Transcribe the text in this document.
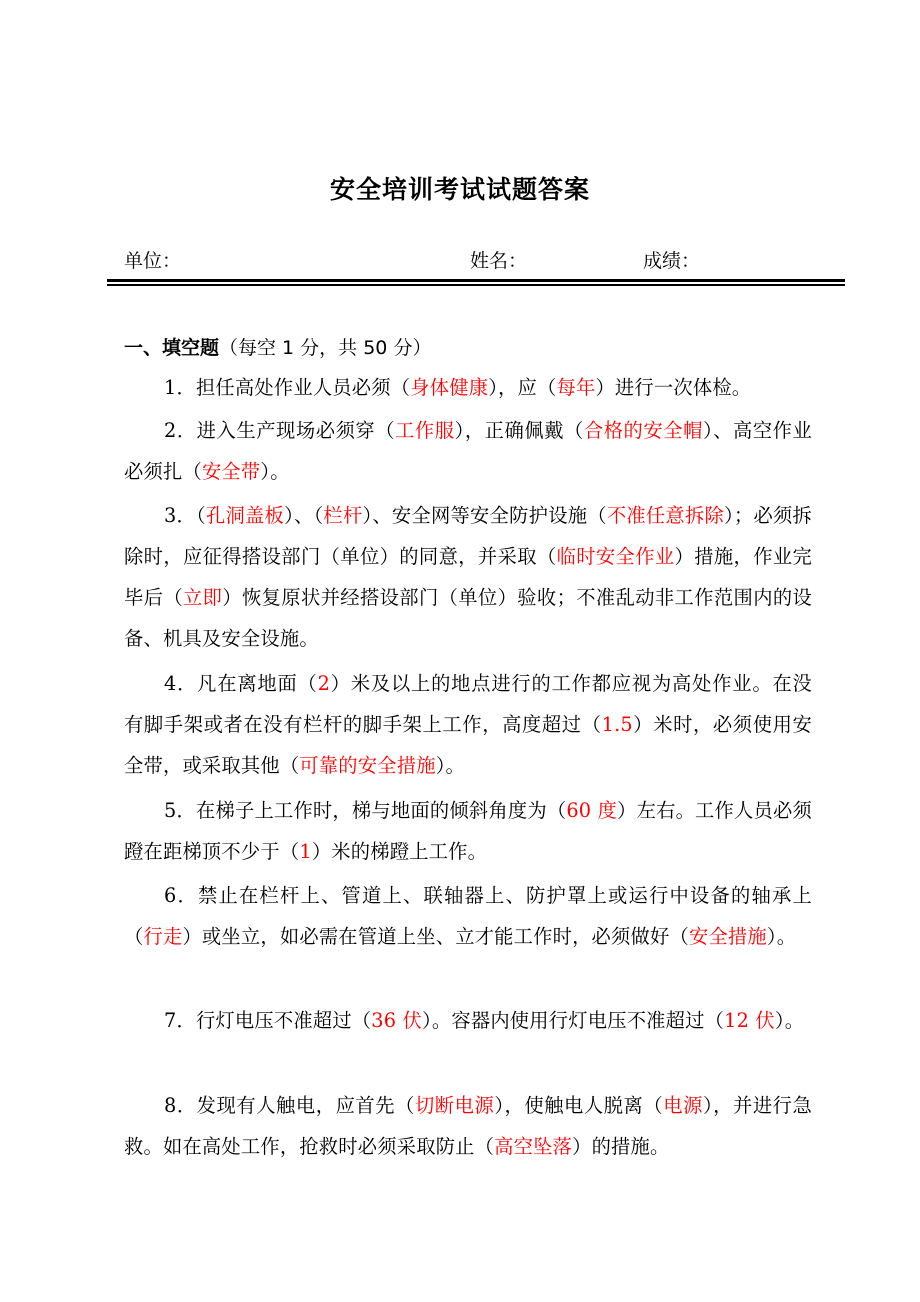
安全培训考试试题答案
单位：	姓名：	成绩：
一、填空题（每空 1 分，共 50 分）
1．担任高处作业人员必须（身体健康），应（每年）进行一次体检。
2．进入生产现场必须穿（工作服），正确佩戴（合格的安全帽）、高空作业必须扎（安全带）。
3．（孔洞盖板）、（栏杆）、安全网等安全防护设施（不准任意拆除）；必须拆除时，应征得搭设部门（单位）的同意，并采取（临时安全作业）措施，作业完毕后（立即）恢复原状并经搭设部门（单位）验收；不准乱动非工作范围内的设备、机具及安全设施。
4．凡在离地面（2）米及以上的地点进行的工作都应视为高处作业。在没有脚手架或者在没有栏杆的脚手架上工作，高度超过（1.5）米时，必须使用安全带，或采取其他（可靠的安全措施）。
5．在梯子上工作时，梯与地面的倾斜角度为（60 度）左右。工作人员必须蹬在距梯顶不少于（1）米的梯蹬上工作。
6．禁止在栏杆上、管道上、联轴器上、防护罩上或运行中设备的轴承上（行走）或坐立，如必需在管道上坐、立才能工作时，必须做好（安全措施）。
7．行灯电压不准超过（36 伏）。容器内使用行灯电压不准超过（12 伏）。
8．发现有人触电，应首先（切断电源），使触电人脱离（电源），并进行急救。如在高处工作，抢救时必须采取防止（高空坠落）的措施。
